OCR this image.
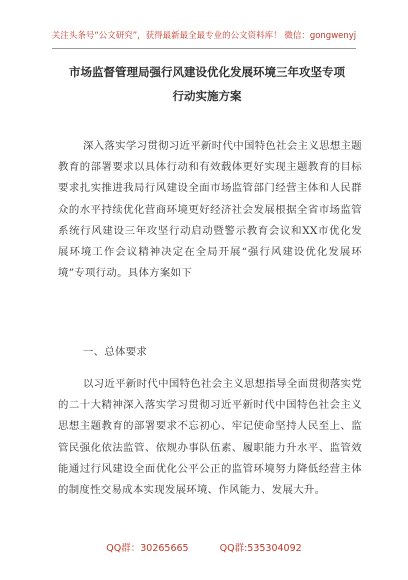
关注头条号“公文研究”，获得最新最全最专业的公文资料库！ 微信：gongwenyj
市场监督管理局强行风建设优化发展环境三年攻坚专项行动实施方案
深入落实学习贯彻习近平新时代中国特色社会主义思想主题教育的部署要求以具体行动和有效载体更好实现主题教育的目标要求扎实推进我局行风建设全面市场监管部门经营主体和人民群众的水平持续优化营商环境更好经济社会发展根据全省市场监管系统行风建设三年攻坚行动启动暨警示教育会议和XX市优化发展环境工作会议精神决定在全局开展“强行风建设优化发展环境”专项行动。具体方案如下
一、总体要求
以习近平新时代中国特色社会主义思想指导全面贯彻落实党的二十大精神深入落实学习贯彻习近平新时代中国特色社会主义思想主题教育的部署要求不忘初心、牢记使命坚持人民至上、监管民强化依法监管、依规办事队伍素、履职能力升水平、监管效能通过行风建设全面优化公平公正的监管环境努力降低经营主体的制度性交易成本实现发展环境、作风能力、发展大升。
QQ群：30265665	QQ群:535304092
